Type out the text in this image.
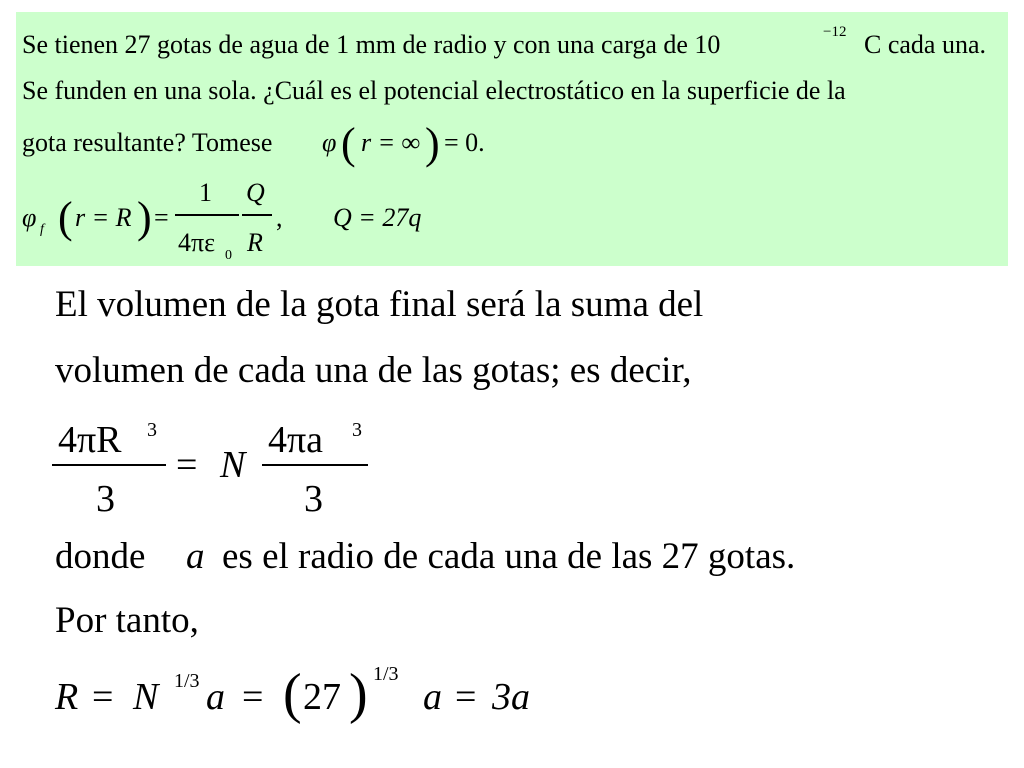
Se tienen 27 gotas de agua de 1 mm de radio y con una carga de 10	−12 C cada una.
Se funden en una sola. ¿Cuál es el potencial electrostático en la superficie de la
gota resultante? Tomese φ ( r = ∞ ) = 0.
φ f ( r = R ) =
1
4πε 0
Q
R
, Q = 27q
El volumen de la gota final será la suma del
volumen de cada una de las gotas; es decir,
4πR 3
3
= N
4πa 3
3
donde a es el radio de cada una de las 27 gotas.
Por tanto,
R = N 1/3 a = ( 27 ) 1/3
a = 3a
